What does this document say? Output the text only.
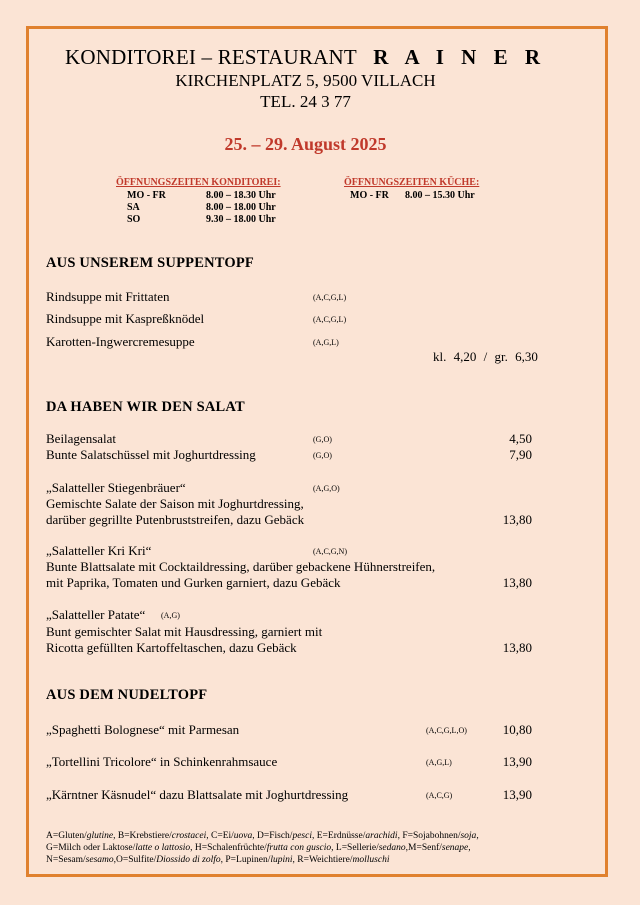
KONDITOREI – RESTAURANT R A I N E R
KIRCHENPLATZ 5, 9500 VILLACH
TEL. 24 3 77
25. – 29. August 2025
ÖFFNUNGSZEITEN KONDITOREI:
MO - FR	8.00 – 18.30 Uhr
SA	8.00 – 18.00 Uhr
SO	9.30 – 18.00 Uhr
ÖFFNUNGSZEITEN KÜCHE:
MO - FR 8.00 – 15.30 Uhr
AUS UNSEREM SUPPENTOPF
Rindsuppe mit Frittaten	(A,C,G,L)
Rindsuppe mit Kaspreßknödel	(A,C,G,L)
Karotten-Ingwercremesuppe	(A,G,L)
kl. 4,20 / gr. 6,30
DA HABEN WIR DEN SALAT
Beilagensalat	(G,O)	4,50
Bunte Salatschüssel mit Joghurtdressing	(G,O)	7,90
„Salatteller Stiegenbräuer“	(A,G,O)
Gemischte Salate der Saison mit Joghurtdressing,
darüber gegrillte Putenbruststreifen, dazu Gebäck	13,80
„Salatteller Kri Kri“	(A,C,G,N)
Bunte Blattsalate mit Cocktaildressing, darüber gebackene Hühnerstreifen,
mit Paprika, Tomaten und Gurken garniert, dazu Gebäck	13,80
„Salatteller Patate“ (A,G)
Bunt gemischter Salat mit Hausdressing, garniert mit
Ricotta gefüllten Kartoffeltaschen, dazu Gebäck	13,80
AUS DEM NUDELTOPF
„Spaghetti Bolognese“ mit Parmesan	(A,C,G,L,O)	10,80
„Tortellini Tricolore“ in Schinkenrahmsauce	(A,G,L)	13,90
„Kärntner Käsnudel“ dazu Blattsalate mit Joghurtdressing	(A,C,G)	13,90
A=Gluten/glutine, B=Krebstiere/crostacei, C=Ei/uova, D=Fisch/pesci, E=Erdnüsse/arachidi, F=Sojabohnen/soja,
G=Milch oder Laktose/latte o lattosio, H=Schalenfrüchte/frutta con guscio, L=Sellerie/sedano,M=Senf/senape,
N=Sesam/sesamo,O=Sulfite/Diossido di zolfo, P=Lupinen/lupini, R=Weichtiere/molluschi
